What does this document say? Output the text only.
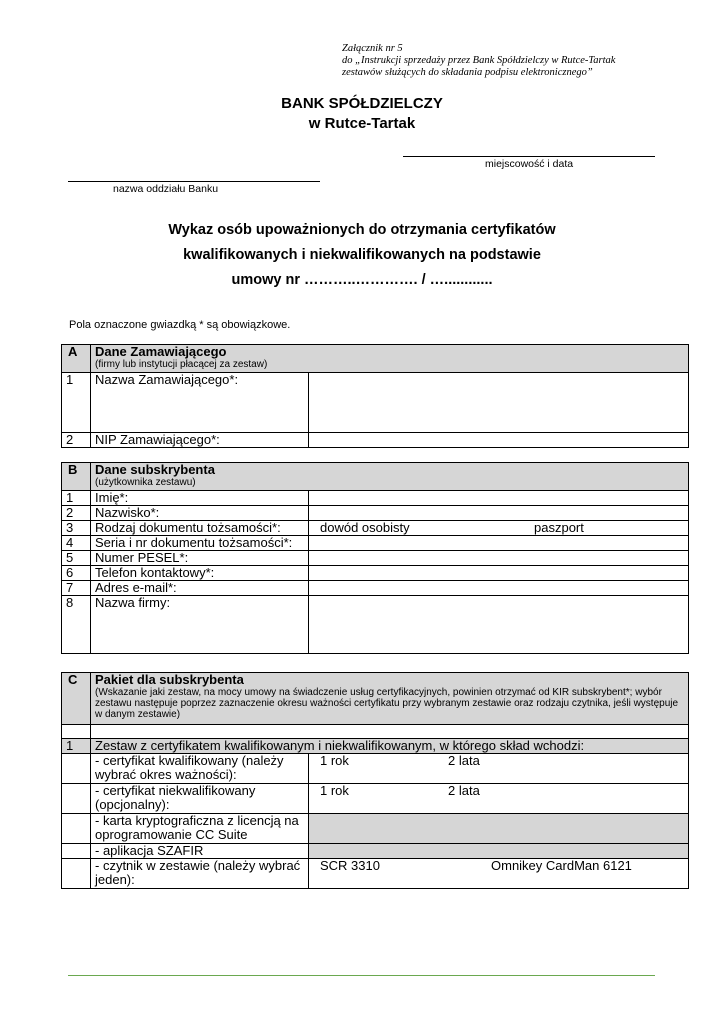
Załącznik nr 5
do „Instrukcji sprzedaży przez Bank Spółdzielczy w Rutce-Tartak
zestawów służących do składania podpisu elektronicznego”
BANK SPÓŁDZIELCZY
w Rutce-Tartak
miejscowość i data
nazwa oddziału Banku
Wykaz osób upoważnionych do otrzymania certyfikatów
kwalifikowanych i niekwalifikowanych na podstawie
umowy nr ………..…………. / …............
Pola oznaczone gwiazdką * są obowiązkowe.
A	Dane Zamawiającego
(firmy lub instytucji płacącej za zestaw)	

1	Nazwa Zamawiającego*:	
2	NIP Zamawiającego*:	
B	Dane subskrybenta
(użytkownika zestawu)	

1	Imię*:	
2	Nazwisko*:	
3	Rodzaj dokumentu tożsamości*:	dowód osobisty paszport
4	Seria i nr dokumentu tożsamości*:	
5	Numer PESEL*:	
6	Telefon kontaktowy*:	
7	Adres e-mail*:	
8	Nazwa firmy:	
C	Pakiet dla subskrybenta
(Wskazanie jaki zestaw, na mocy umowy na świadczenie usług certyfikacyjnych, powinien otrzymać od KIR subskrybent*; wybór zestawu następuje poprzez zaznaczenie okresu ważności certyfikatu przy wybranym zestawie oraz rodzaju czytnika, jeśli występuje w danym zestawie)	

1	Zestaw z certyfikatem kwalifikowanym i niekwalifikowanym, w którego skład wchodzi:	
	- certyfikat kwalifikowany (należy wybrać okres ważności):	1 rok 2 lata
	- certyfikat niekwalifikowany (opcjonalny):	1 rok 2 lata
	- karta kryptograficzna z licencją na oprogramowanie CC Suite	
	- aplikacja SZAFIR	
	- czytnik w zestawie (należy wybrać jeden):	SCR 3310 Omnikey CardMan 6121
